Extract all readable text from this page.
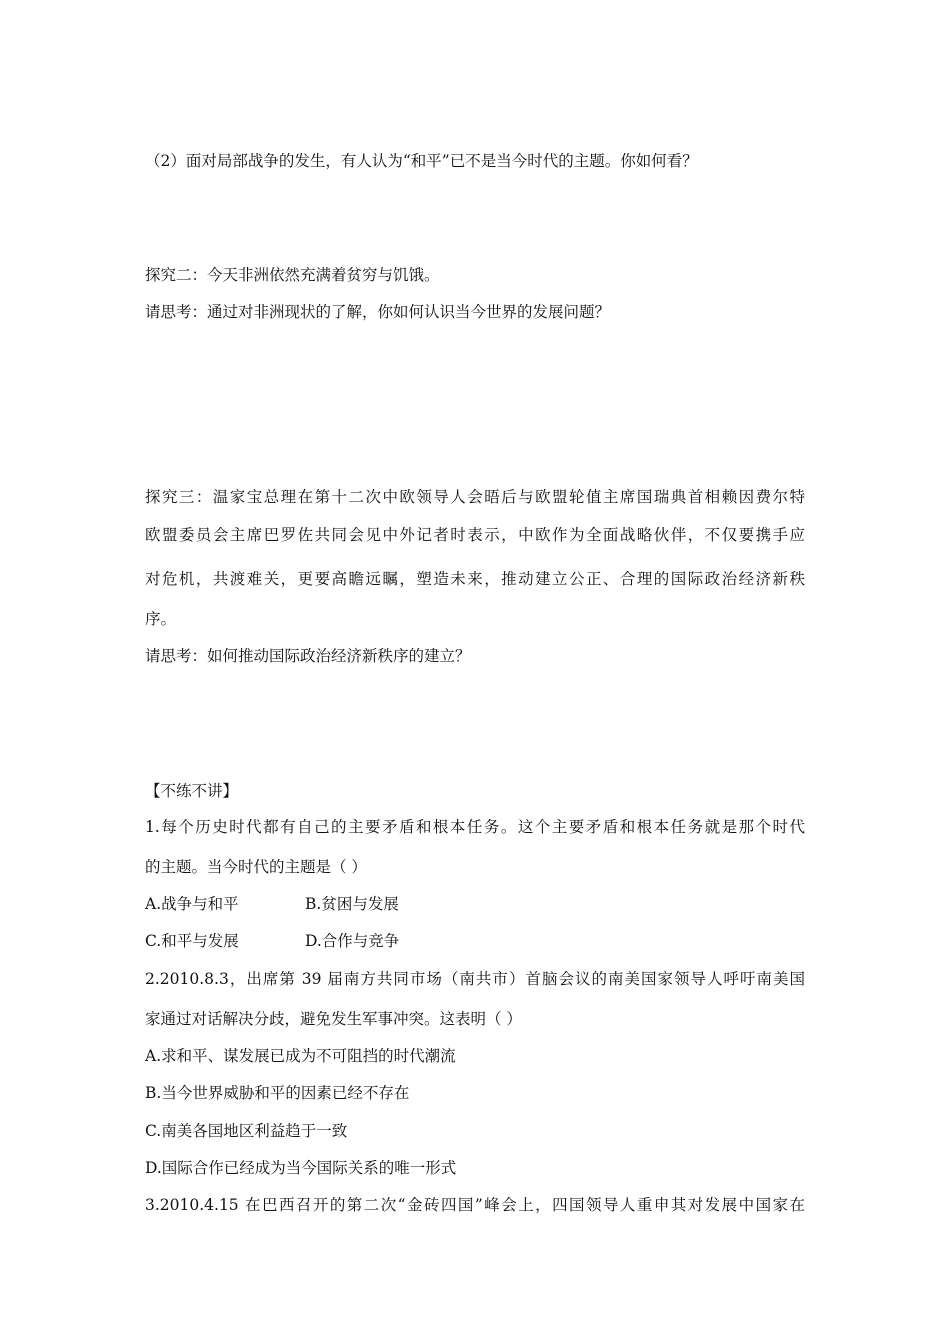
（2）面对局部战争的发生，有人认为“和平”已不是当今时代的主题。你如何看？
探究二：今天非洲依然充满着贫穷与饥饿。
请思考：通过对非洲现状的了解，你如何认识当今世界的发展问题？
探究三：温家宝总理在第十二次中欧领导人会晤后与欧盟轮值主席国瑞典首相赖因费尔特
欧盟委员会主席巴罗佐共同会见中外记者时表示，中欧作为全面战略伙伴，不仅要携手应
对危机，共渡难关，更要高瞻远瞩，塑造未来，推动建立公正、合理的国际政治经济新秩
序。
请思考：如何推动国际政治经济新秩序的建立？
【不练不讲】
1.每个历史时代都有自己的主要矛盾和根本任务。这个主要矛盾和根本任务就是那个时代
的主题。当今时代的主题是（ ）
A.战争与和平	B.贫困与发展
C.和平与发展	D.合作与竞争
2.2010.8.3，出席第 39 届南方共同市场（南共市）首脑会议的南美国家领导人呼吁南美国
家通过对话解决分歧，避免发生军事冲突。这表明（ ）
A.求和平、谋发展已成为不可阻挡的时代潮流
B.当今世界威胁和平的因素已经不存在
C.南美各国地区利益趋于一致
D.国际合作已经成为当今国际关系的唯一形式
3.2010.4.15 在巴西召开的第二次“金砖四国”峰会上，四国领导人重申其对发展中国家在
